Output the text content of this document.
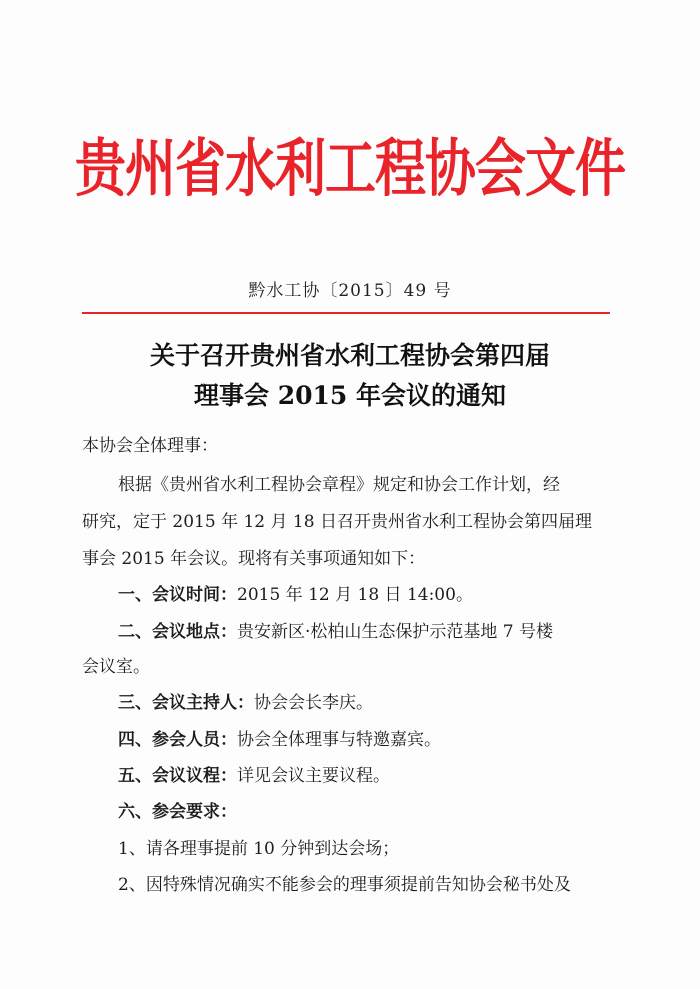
贵州省水利工程协会文件
黔水工协〔2015〕49 号
关于召开贵州省水利工程协会第四届
理事会 2015 年会议的通知
本协会全体理事：
根据《贵州省水利工程协会章程》规定和协会工作计划，经
研究，定于 2015 年 12 月 18 日召开贵州省水利工程协会第四届理
事会 2015 年会议。现将有关事项通知如下：
一、会议时间：2015 年 12 月 18 日 14:00。
二、会议地点：贵安新区·松柏山生态保护示范基地 7 号楼
会议室。
三、会议主持人：协会会长李庆。
四、参会人员：协会全体理事与特邀嘉宾。
五、会议议程：详见会议主要议程。
六、参会要求：
1、请各理事提前 10 分钟到达会场；
2、因特殊情况确实不能参会的理事须提前告知协会秘书处及
